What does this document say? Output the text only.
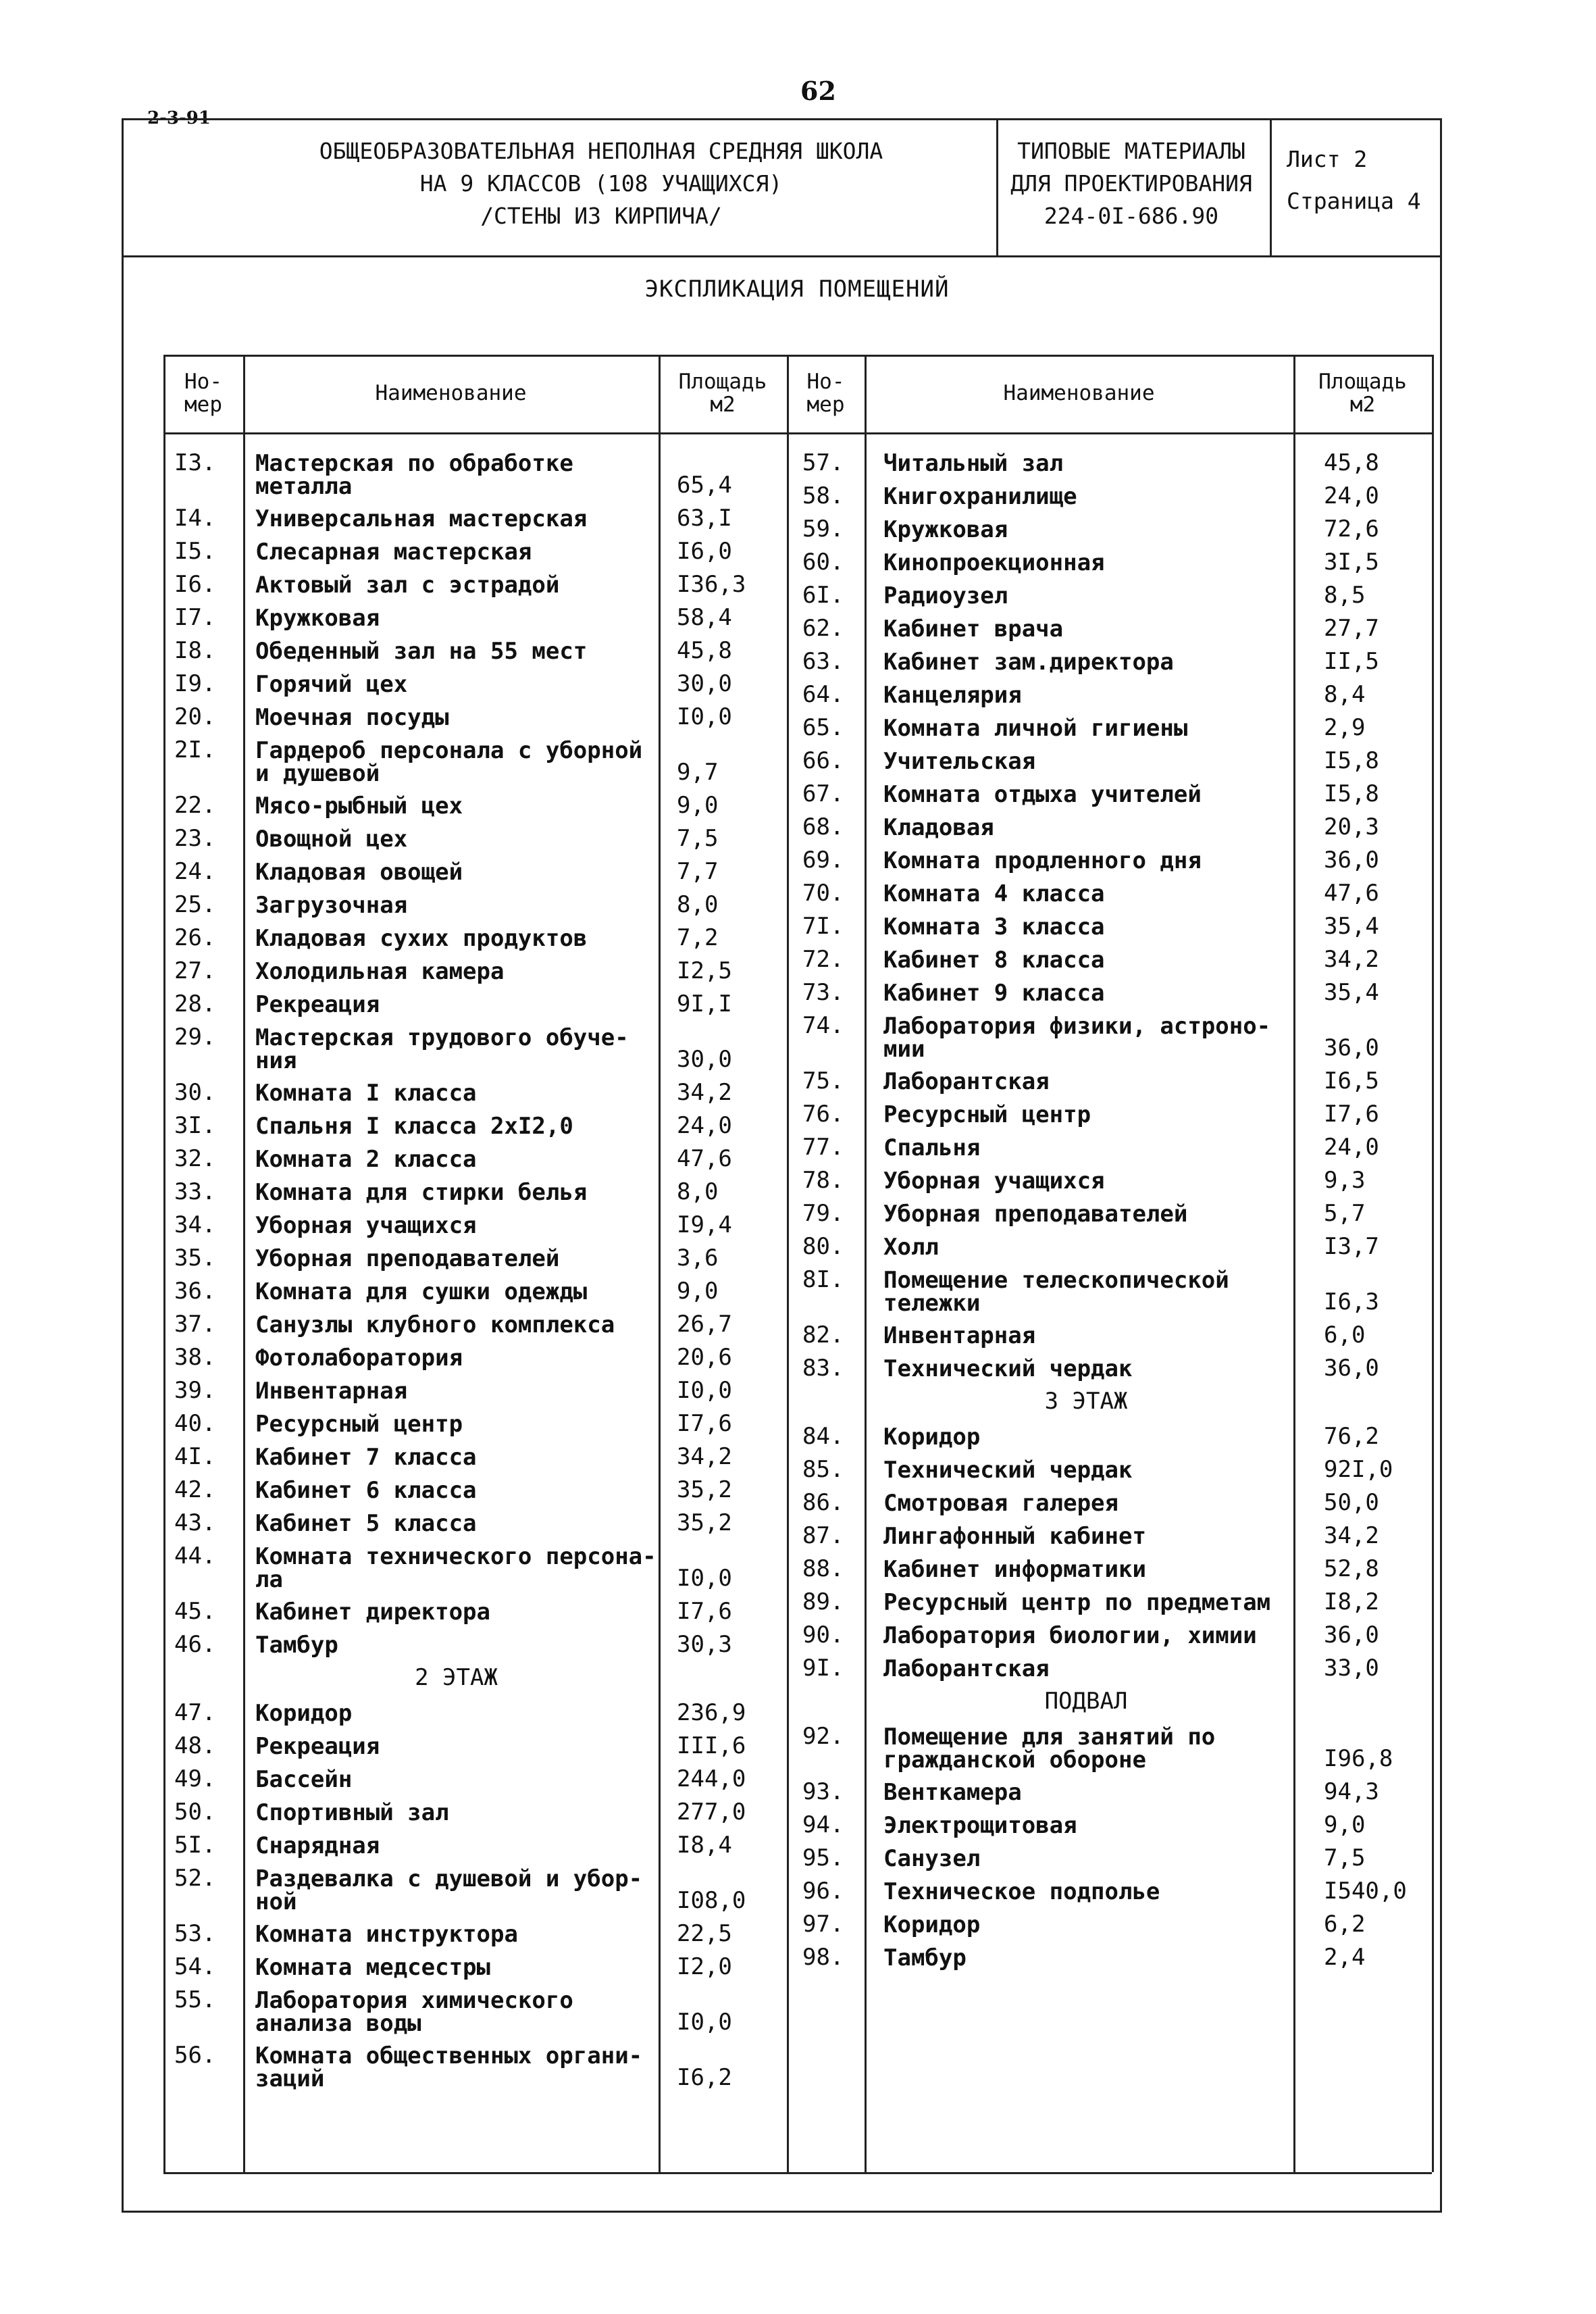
62
2-3-91
ОБЩЕОБРАЗОВАТЕЛЬНАЯ НЕПОЛНАЯ СРЕДНЯЯ ШКОЛА
НА 9 КЛАССОВ (108 УЧАЩИХСЯ)
/СТЕНЫ ИЗ КИРПИЧА/
ТИПОВЫЕ МАТЕРИАЛЫ
ДЛЯ ПРОЕКТИРОВАНИЯ
224-0I-686.90
Лист 2
Страница 4
ЭКСПЛИКАЦИЯ ПОМЕЩЕНИЙ
Но-
мер	Наименование	Площадь
м2
Но-
мер	Наименование	Площадь
м2
I3. Мастерская по обработке
металла	65,4
I4. Универсальная мастерская	63,I
I5. Слесарная мастерская	I6,0
I6. Актовый зал с эстрадой	I36,3
I7. Кружковая	58,4
I8. Обеденный зал на 55 мест	45,8
I9. Горячий цех	30,0
20. Моечная посуды	I0,0
2I. Гардероб персонала с уборной
и душевой	9,7
22. Мясо-рыбный цех	9,0
23. Овощной цех	7,5
24. Кладовая овощей	7,7
25. Загрузочная	8,0
26. Кладовая сухих продуктов	7,2
27. Холодильная камера	I2,5
28. Рекреация	9I,I
29. Мастерская трудового обуче-
ния	30,0
30. Комната I класса	34,2
3I. Спальня I класса 2хI2,0	24,0
32. Комната 2 класса	47,6
33. Комната для стирки белья	8,0
34. Уборная учащихся	I9,4
35. Уборная преподавателей	3,6
36. Комната для сушки одежды	9,0
37. Санузлы клубного комплекса	26,7
38. Фотолаборатория	20,6
39. Инвентарная	I0,0
40. Ресурсный центр	I7,6
4I. Кабинет 7 класса	34,2
42. Кабинет 6 класса	35,2
43. Кабинет 5 класса	35,2
44. Комната технического персона-
ла	I0,0
45. Кабинет директора	I7,6
46. Тамбур	30,3
2 ЭТАЖ
47. Коридор	236,9
48. Рекреация	III,6
49. Бассейн	244,0
50. Спортивный зал	277,0
5I. Снарядная	I8,4
52. Раздевалка с душевой и убор-
ной	I08,0
53. Комната инструктора	22,5
54. Комната медсестры	I2,0
55. Лаборатория химического
анализа воды	I0,0
56. Комната общественных органи-
заций	I6,2
57. Читальный зал	45,8
58. Книгохранилище	24,0
59. Кружковая	72,6
60. Кинопроекционная	3I,5
6I. Радиоузел	8,5
62. Кабинет врача	27,7
63. Кабинет зам.директора	II,5
64. Канцелярия	8,4
65. Комната личной гигиены	2,9
66. Учительская	I5,8
67. Комната отдыха учителей	I5,8
68. Кладовая	20,3
69. Комната продленного дня	36,0
70. Комната 4 класса	47,6
7I. Комната 3 класса	35,4
72. Кабинет 8 класса	34,2
73. Кабинет 9 класса	35,4
74. Лаборатория физики, астроно-
мии	36,0
75. Лаборантская	I6,5
76. Ресурсный центр	I7,6
77. Спальня	24,0
78. Уборная учащихся	9,3
79. Уборная преподавателей	5,7
80. Холл	I3,7
8I. Помещение телескопической
тележки	I6,3
82. Инвентарная	6,0
83. Технический чердак	36,0
3 ЭТАЖ
84. Коридор	76,2
85. Технический чердак	92I,0
86. Смотровая галерея	50,0
87. Лингафонный кабинет	34,2
88. Кабинет информатики	52,8
89. Ресурсный центр по предметам I8,2
90. Лаборатория биологии, химии	36,0
9I. Лаборантская	33,0
ПОДВАЛ
92. Помещение для занятий по
гражданской обороне	I96,8
93. Венткамера	94,3
94. Электрощитовая	9,0
95. Санузел	7,5
96. Техническое подполье	I540,0
97. Коридор	6,2
98. Тамбур	2,4
